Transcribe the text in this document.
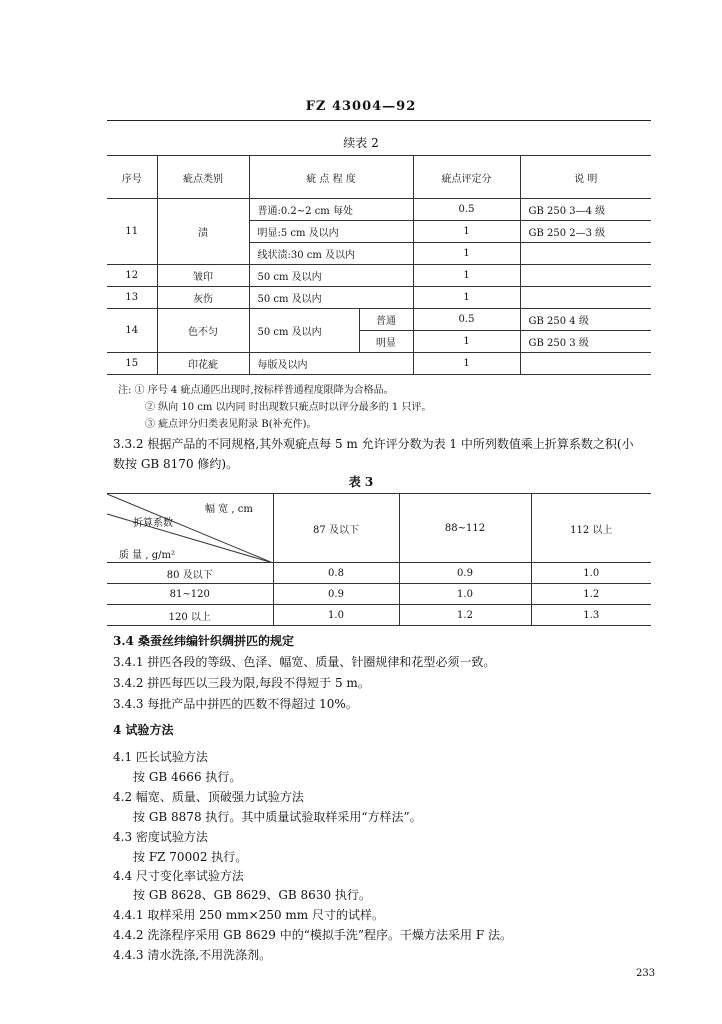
FZ 43004—92
续表 2
序号	疵点类别	疵 点 程 度		疵点评定分	说 明
11	渍	普通:0.2~2 cm 每处		0.5	GB 250 3—4 级
		明显:5 cm 及以内		1	GB 250 2—3 级
		线状渍:30 cm 及以内		1	
12	皱印	50 cm 及以内		1	
13	灰伤	50 cm 及以内		1	
14	色不匀	50 cm 及以内	普通	0.5	GB 250 4 级
			明显	1	GB 250 3 级
15	印花疵	每版及以内		1	
注: ① 序号 4 疵点通匹出现时,按标样普通程度限降为合格品。
② 纵向 10 cm 以内同 时出现数只疵点时以评分最多的 1 只评。
③ 疵点评分归类表见附录 B(补充件)。
3.3.2 根据产品的不同规格,其外观疵点每 5 m 允许评分数为表 1 中所列数值乘上折算系数之积(小
数按 GB 8170 修约)。
表 3
幅 宽 , cm
折算系数
质 量 , g/m²	87 及以下	88~112	112 以上
80 及以下	0.8	0.9	1.0
81~120	0.9	1.0	1.2
120 以上	1.0	1.2	1.3
3.4 桑蚕丝纬编针织绸拼匹的规定
3.4.1 拼匹各段的等级、色泽、幅宽、质量、针圈规律和花型必须一致。
3.4.2 拼匹每匹以三段为限,每段不得短于 5 m。
3.4.3 每批产品中拼匹的匹数不得超过 10%。
4 试验方法
4.1 匹长试验方法
按 GB 4666 执行。
4.2 幅宽、质量、顶破强力试验方法
按 GB 8878 执行。其中质量试验取样采用“方样法”。
4.3 密度试验方法
按 FZ 70002 执行。
4.4 尺寸变化率试验方法
按 GB 8628、GB 8629、GB 8630 执行。
4.4.1 取样采用 250 mm×250 mm 尺寸的试样。
4.4.2 洗涤程序采用 GB 8629 中的“模拟手洗”程序。干燥方法采用 F 法。
4.4.3 清水洗涤,不用洗涤剂。
233
